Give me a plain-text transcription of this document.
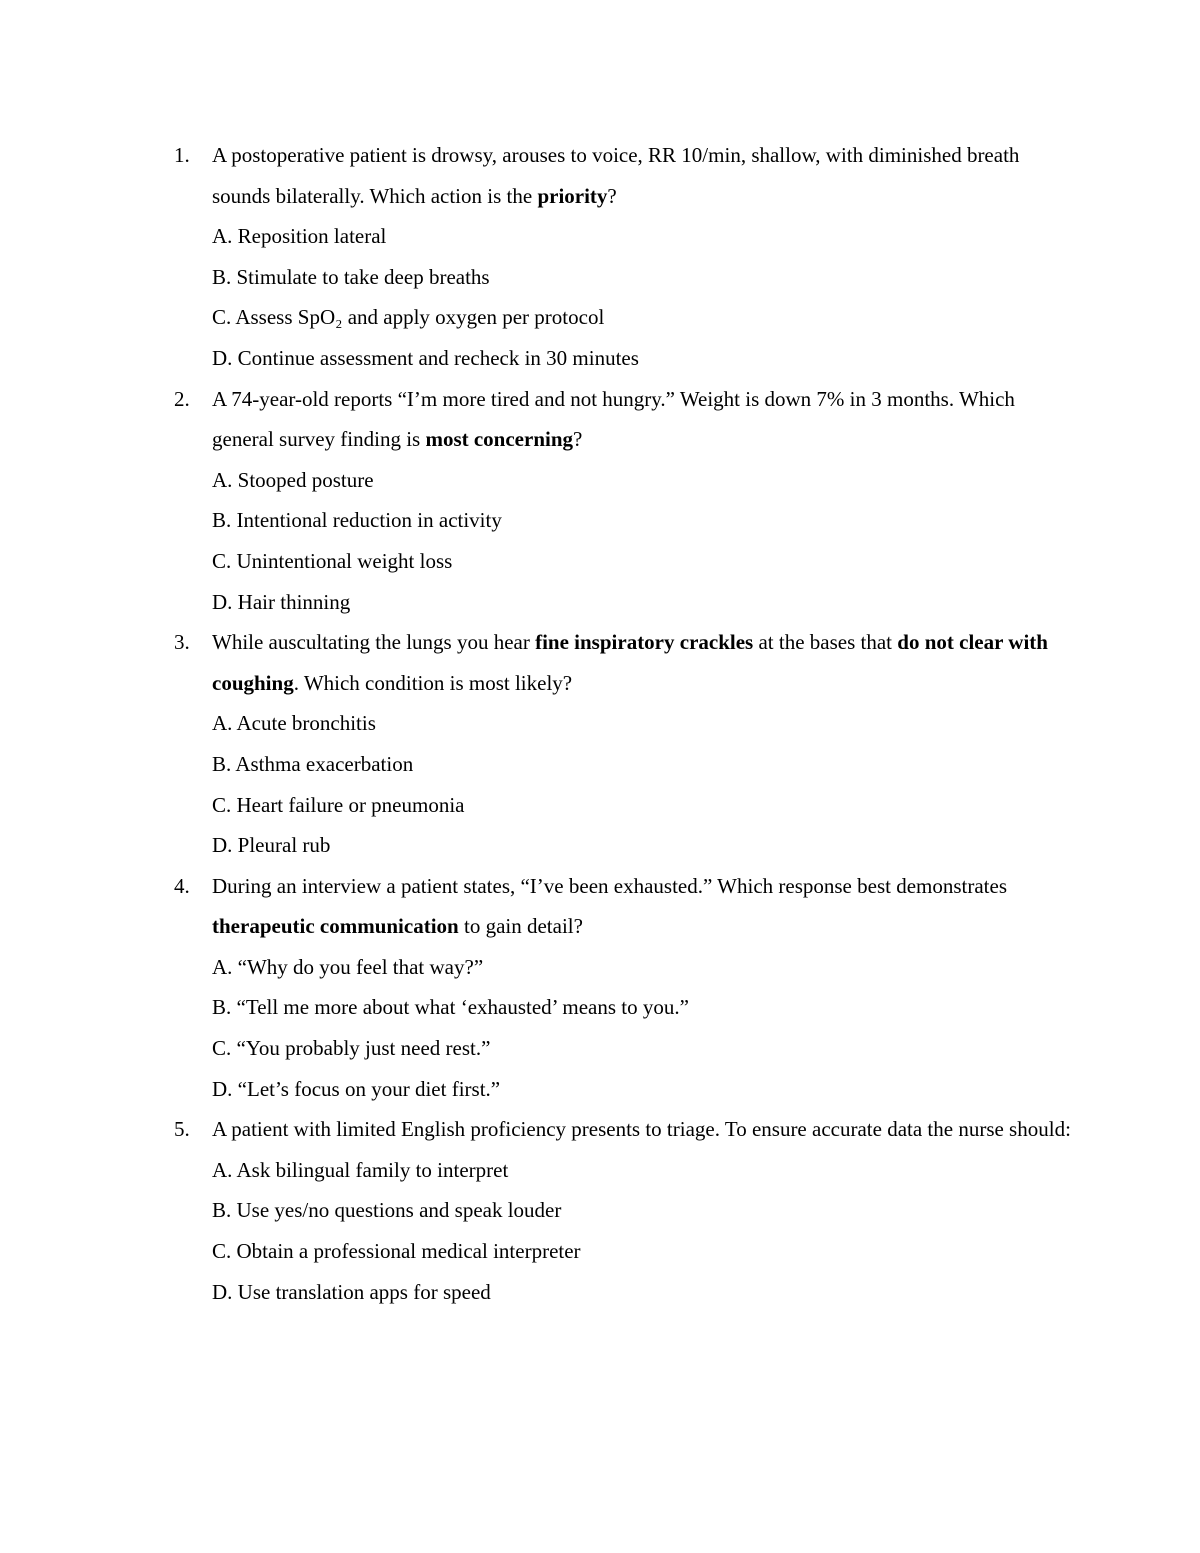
1. A postoperative patient is drowsy, arouses to voice, RR 10/min, shallow, with diminished breath sounds bilaterally. Which action is the priority?

A. Reposition lateral

B. Stimulate to take deep breaths

C. Assess SpO₂ and apply oxygen per protocol

D. Continue assessment and recheck in 30 minutes

2. A 74-year-old reports “I’m more tired and not hungry.” Weight is down 7% in 3 months. Which general survey finding is most concerning?

A. Stooped posture

B. Intentional reduction in activity

C. Unintentional weight loss

D. Hair thinning

3. While auscultating the lungs you hear fine inspiratory crackles at the bases that do not clear with coughing. Which condition is most likely?

A. Acute bronchitis

B. Asthma exacerbation

C. Heart failure or pneumonia

D. Pleural rub

4. During an interview a patient states, “I’ve been exhausted.” Which response best demonstrates therapeutic communication to gain detail?

A. “Why do you feel that way?”

B. “Tell me more about what ‘exhausted’ means to you.”

C. “You probably just need rest.”

D. “Let’s focus on your diet first.”

5. A patient with limited English proficiency presents to triage. To ensure accurate data the nurse should:

A. Ask bilingual family to interpret

B. Use yes/no questions and speak louder

C. Obtain a professional medical interpreter

D. Use translation apps for speed
